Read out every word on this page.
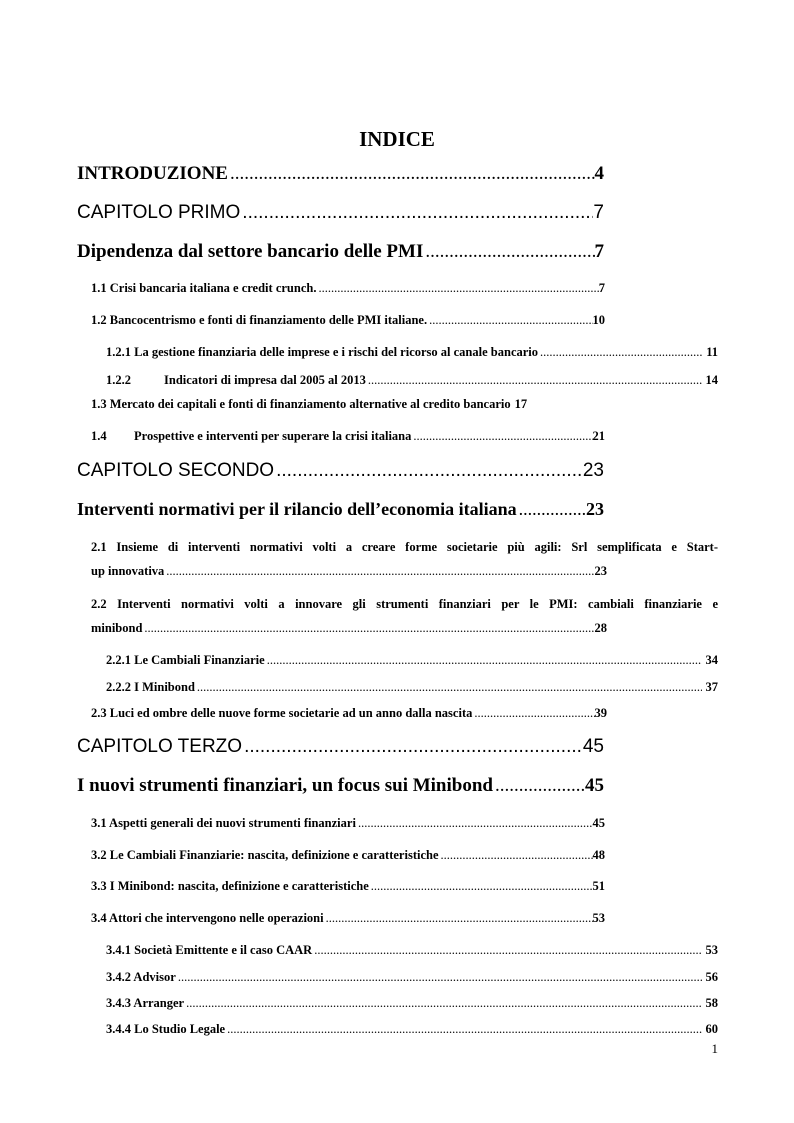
INDICE
INTRODUZIONE .....	4
CAPITOLO PRIMO .....	7
Dipendenza dal settore bancario delle PMI .....	7
1.1 Crisi bancaria italiana e credit crunch. .....	7
1.2 Bancocentrismo e fonti di finanziamento delle PMI italiane. .....	10
1.2.1 La gestione finanziaria delle imprese e i rischi del ricorso al canale bancario .....	11
1.2.2	Indicatori di impresa dal 2005 al 2013 .....	14
1.3 Mercato dei capitali e fonti di finanziamento alternative al credito bancario 17
1.4 Prospettive e interventi per superare la crisi italiana .....	21
CAPITOLO SECONDO .....	23
Interventi normativi per il rilancio dell’economia italiana .....	23
2.1 Insieme di interventi normativi volti a creare forme societarie più agili: Srl semplificata e Start-
up innovativa .....	23
2.2 Interventi normativi volti a innovare gli strumenti finanziari per le PMI: cambiali finanziarie e
minibond .....	28
2.2.1 Le Cambiali Finanziarie .....	34
2.2.2 I Minibond .....	37
2.3 Luci ed ombre delle nuove forme societarie ad un anno dalla nascita .....	39
CAPITOLO TERZO .....	45
I nuovi strumenti finanziari, un focus sui Minibond .....	45
3.1 Aspetti generali dei nuovi strumenti finanziari .....	45
3.2 Le Cambiali Finanziarie: nascita, definizione e caratteristiche .....	48
3.3 I Minibond: nascita, definizione e caratteristiche .....	51
3.4 Attori che intervengono nelle operazioni .....	53
3.4.1 Società Emittente e il caso CAAR .....	53
3.4.2 Advisor .....	56
3.4.3 Arranger .....	58
3.4.4 Lo Studio Legale .....	60
1
